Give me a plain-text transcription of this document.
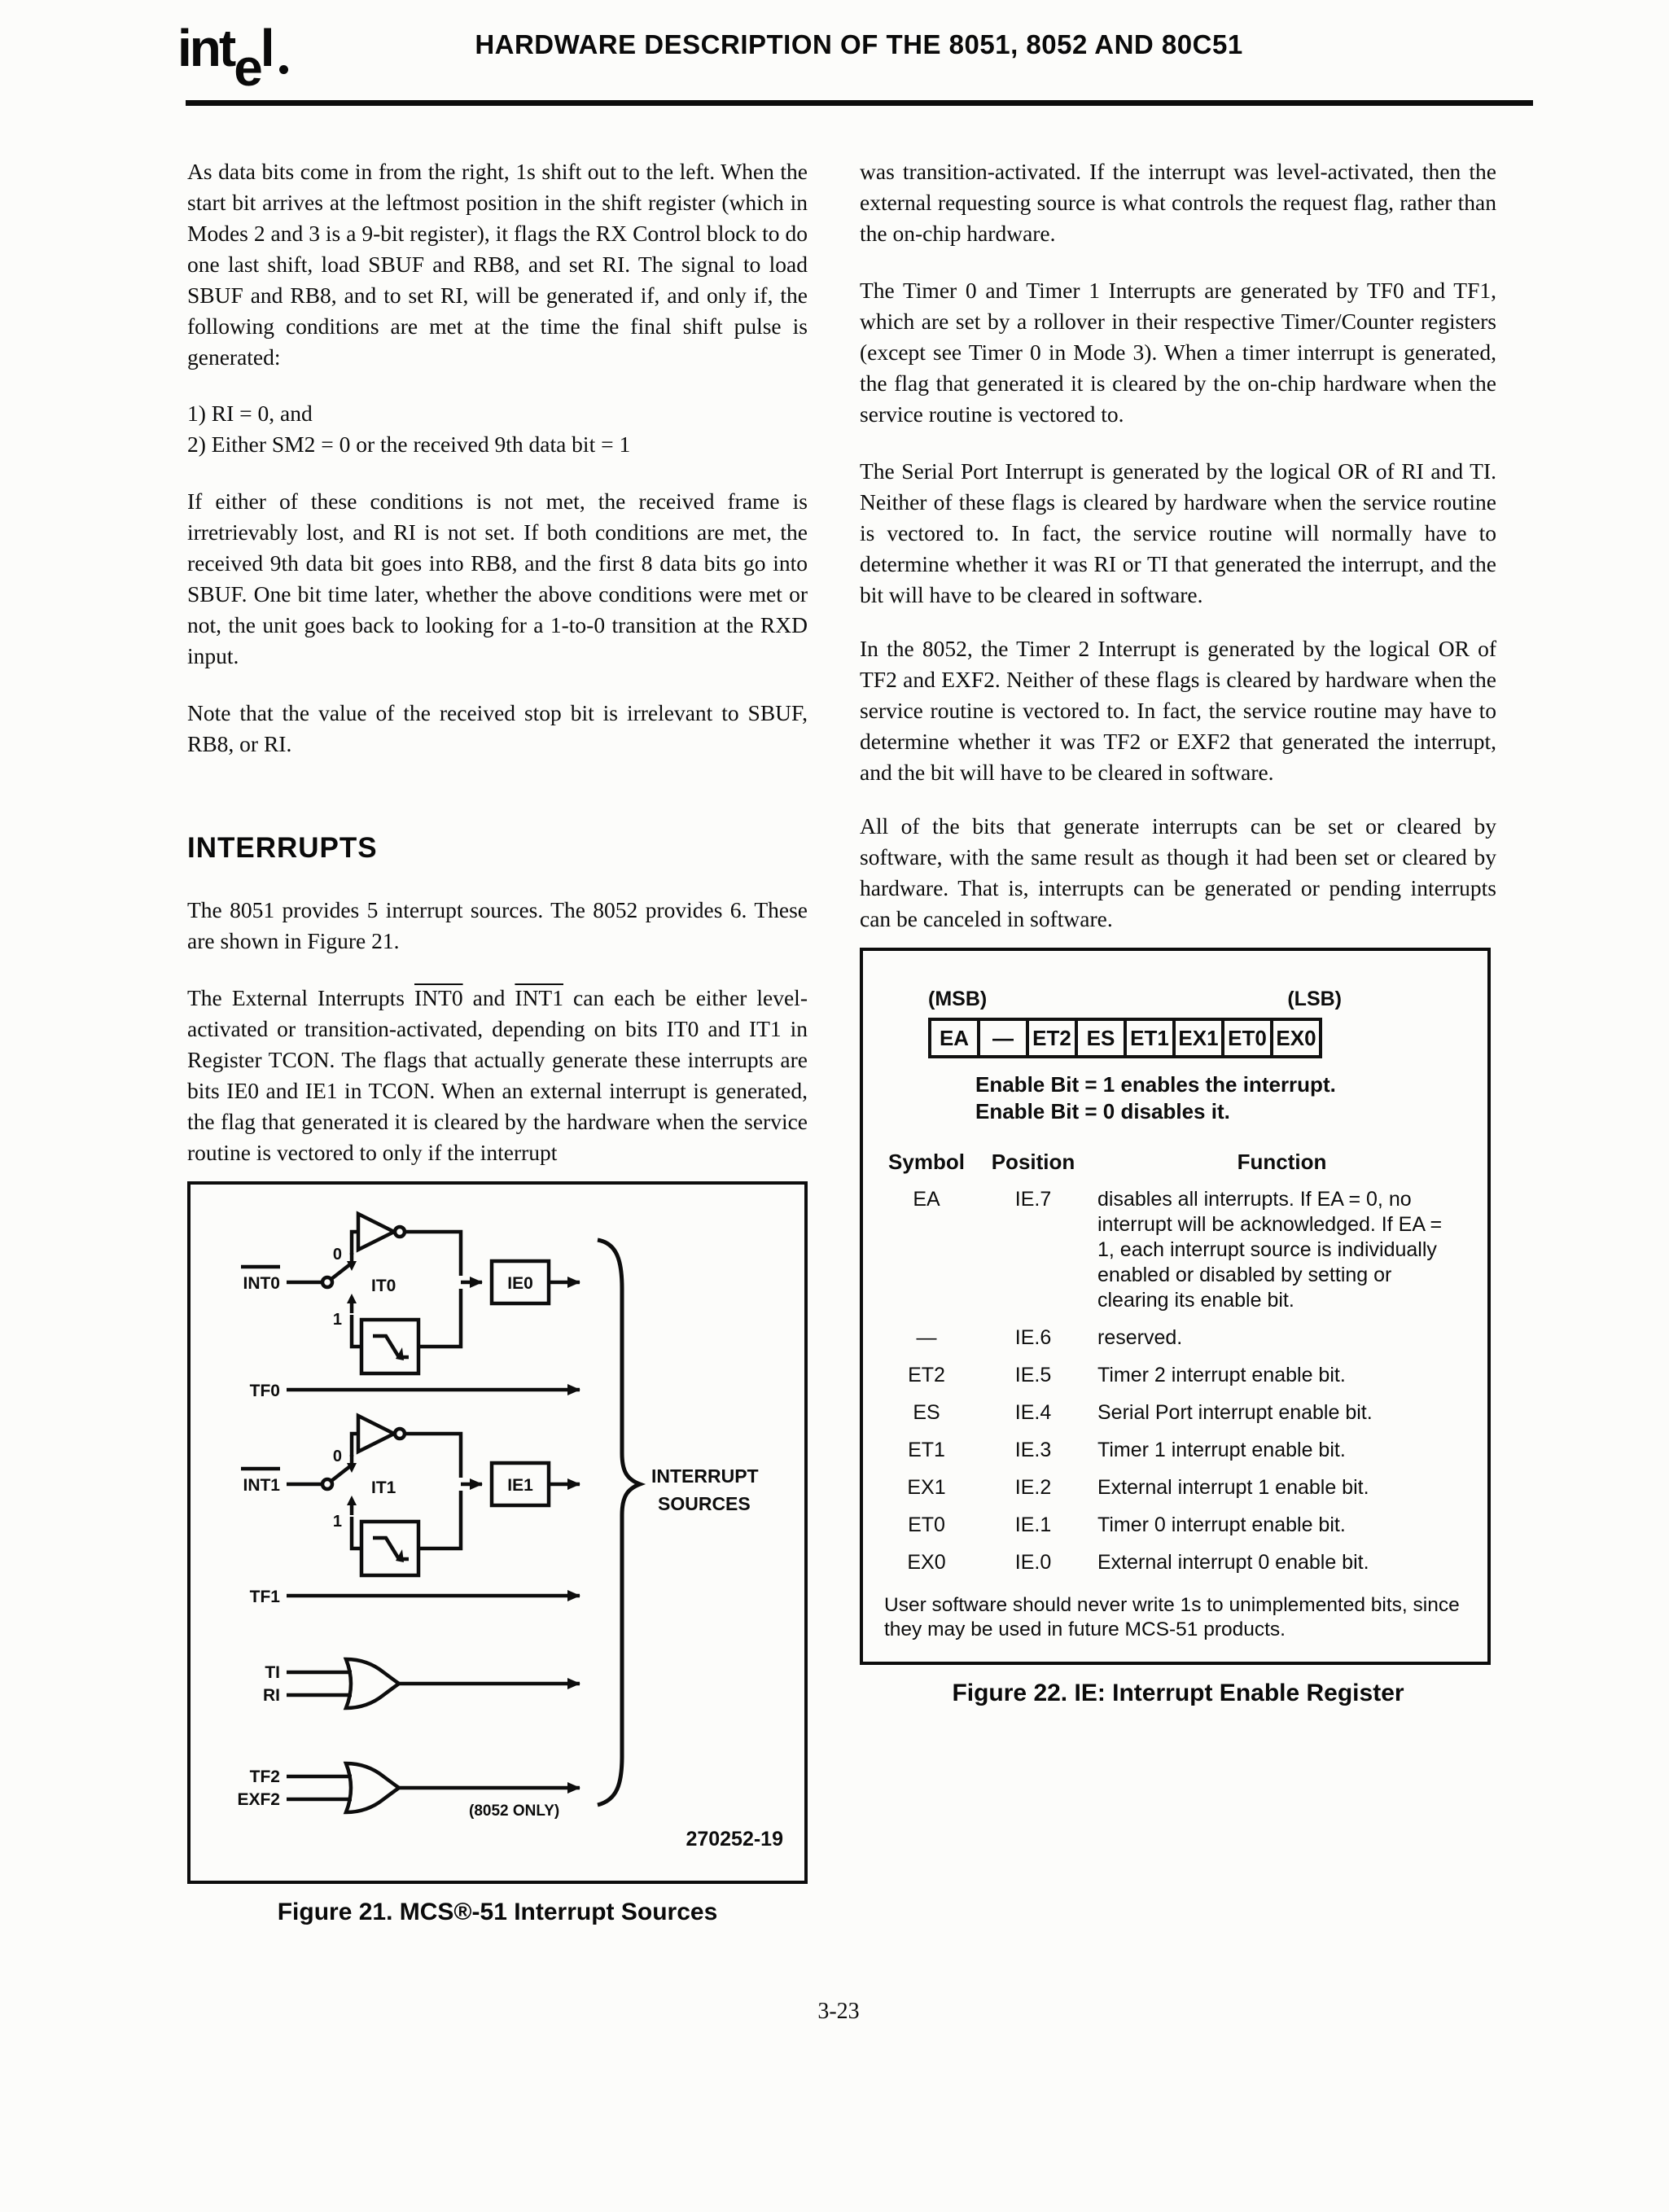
int e l	HARDWARE DESCRIPTION OF THE 8051, 8052 AND 80C51

As data bits come in from the right, 1s shift out to the left. When the start bit arrives at the leftmost position in the shift register (which in Modes 2 and 3 is a 9-bit register), it flags the RX Control block to do one last shift, load SBUF and RB8, and set RI. The signal to load SBUF and RB8, and to set RI, will be generated if, and only if, the following conditions are met at the time the final shift pulse is generated:

1) RI = 0, and
2) Either SM2 = 0 or the received 9th data bit = 1

If either of these conditions is not met, the received frame is irretrievably lost, and RI is not set. If both conditions are met, the received 9th data bit goes into RB8, and the first 8 data bits go into SBUF. One bit time later, whether the above conditions were met or not, the unit goes back to looking for a 1-to-0 transition at the RXD input.

Note that the value of the received stop bit is irrelevant to SBUF, RB8, or RI.

INTERRUPTS

The 8051 provides 5 interrupt sources. The 8052 provides 6. These are shown in Figure 21.

The External Interrupts INT0 and INT1 can each be either level-activated or transition-activated, depending on bits IT0 and IT1 in Register TCON. The flags that actually generate these interrupts are bits IE0 and IE1 in TCON. When an external interrupt is generated, the flag that generated it is cleared by the hardware when the service routine is vectored to only if the interrupt

INT0
0
1
IT0	IE0
TF0
INT1
0
1
IT1	IE1
TF1
TI
RI
TF2
EXF2
(8052 ONLY)
INTERRUPT
SOURCES
270252-19
Figure 21. MCS®-51 Interrupt Sources

was transition-activated. If the interrupt was level-activated, then the external requesting source is what controls the request flag, rather than the on-chip hardware.

The Timer 0 and Timer 1 Interrupts are generated by TF0 and TF1, which are set by a rollover in their respective Timer/Counter registers (except see Timer 0 in Mode 3). When a timer interrupt is generated, the flag that generated it is cleared by the on-chip hardware when the service routine is vectored to.

The Serial Port Interrupt is generated by the logical OR of RI and TI. Neither of these flags is cleared by hardware when the service routine is vectored to. In fact, the service routine will normally have to determine whether it was RI or TI that generated the interrupt, and the bit will have to be cleared in software.

In the 8052, the Timer 2 Interrupt is generated by the logical OR of TF2 and EXF2. Neither of these flags is cleared by hardware when the service routine is vectored to. In fact, the service routine may have to determine whether it was TF2 or EXF2 that generated the interrupt, and the bit will have to be cleared in software.

All of the bits that generate interrupts can be set or cleared by software, with the same result as though it had been set or cleared by hardware. That is, interrupts can be generated or pending interrupts can be canceled in software.

(MSB)	(LSB)
EA	— ET2 ES ET1 EX1 ET0 EX0
Enable Bit = 1 enables the interrupt.
Enable Bit = 0 disables it.
Symbol Position	Function
EA	IE.7	disables all interrupts. If EA = 0, no interrupt will be acknowledged. If EA = 1, each interrupt source is individually enabled or disabled by setting or clearing its enable bit.
—	IE.6	reserved.
ET2	IE.5	Timer 2 interrupt enable bit.
ES	IE.4	Serial Port interrupt enable bit.
ET1	IE.3	Timer 1 interrupt enable bit.
EX1	IE.2	External interrupt 1 enable bit.
ET0	IE.1	Timer 0 interrupt enable bit.
EX0	IE.0	External interrupt 0 enable bit.
User software should never write 1s to unimplemented bits, since they may be used in future MCS-51 products.
Figure 22. IE: Interrupt Enable Register
3-23
